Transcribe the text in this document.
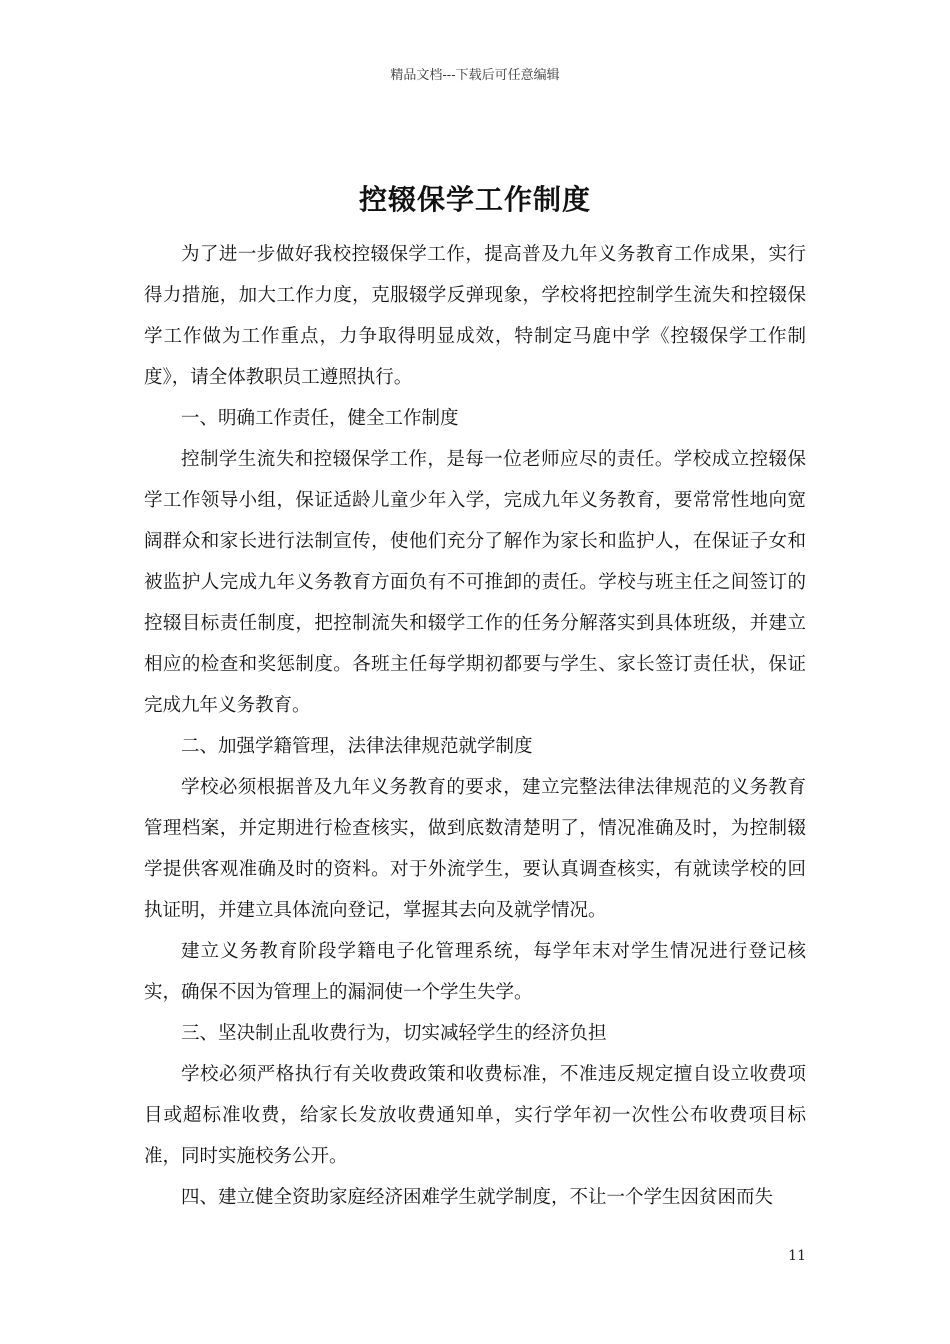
精品文档---下载后可任意编辑
控辍保学工作制度

为了进一步做好我校控辍保学工作，提高普及九年义务教育工作成果，实行得力措施，加大工作力度，克服辍学反弹现象，学校将把控制学生流失和控辍保学工作做为工作重点，力争取得明显成效，特制定马鹿中学《控辍保学工作制度》，请全体教职员工遵照执行。

一、明确工作责任，健全工作制度

控制学生流失和控辍保学工作，是每一位老师应尽的责任。学校成立控辍保学工作领导小组，保证适龄儿童少年入学，完成九年义务教育，要常常性地向宽阔群众和家长进行法制宣传，使他们充分了解作为家长和监护人，在保证子女和被监护人完成九年义务教育方面负有不可推卸的责任。学校与班主任之间签订的控辍目标责任制度，把控制流失和辍学工作的任务分解落实到具体班级，并建立相应的检查和奖惩制度。各班主任每学期初都要与学生、家长签订责任状，保证完成九年义务教育。

二、加强学籍管理，法律法律规范就学制度

学校必须根据普及九年义务教育的要求，建立完整法律法律规范的义务教育管理档案，并定期进行检查核实，做到底数清楚明了，情况准确及时，为控制辍学提供客观准确及时的资料。对于外流学生，要认真调查核实，有就读学校的回执证明，并建立具体流向登记，掌握其去向及就学情况。

建立义务教育阶段学籍电子化管理系统，每学年末对学生情况进行登记核实，确保不因为管理上的漏洞使一个学生失学。

三、坚决制止乱收费行为，切实减轻学生的经济负担

学校必须严格执行有关收费政策和收费标准，不准违反规定擅自设立收费项目或超标准收费，给家长发放收费通知单，实行学年初一次性公布收费项目标准，同时实施校务公开。

四、建立健全资助家庭经济困难学生就学制度，不让一个学生因贫困而失

11
